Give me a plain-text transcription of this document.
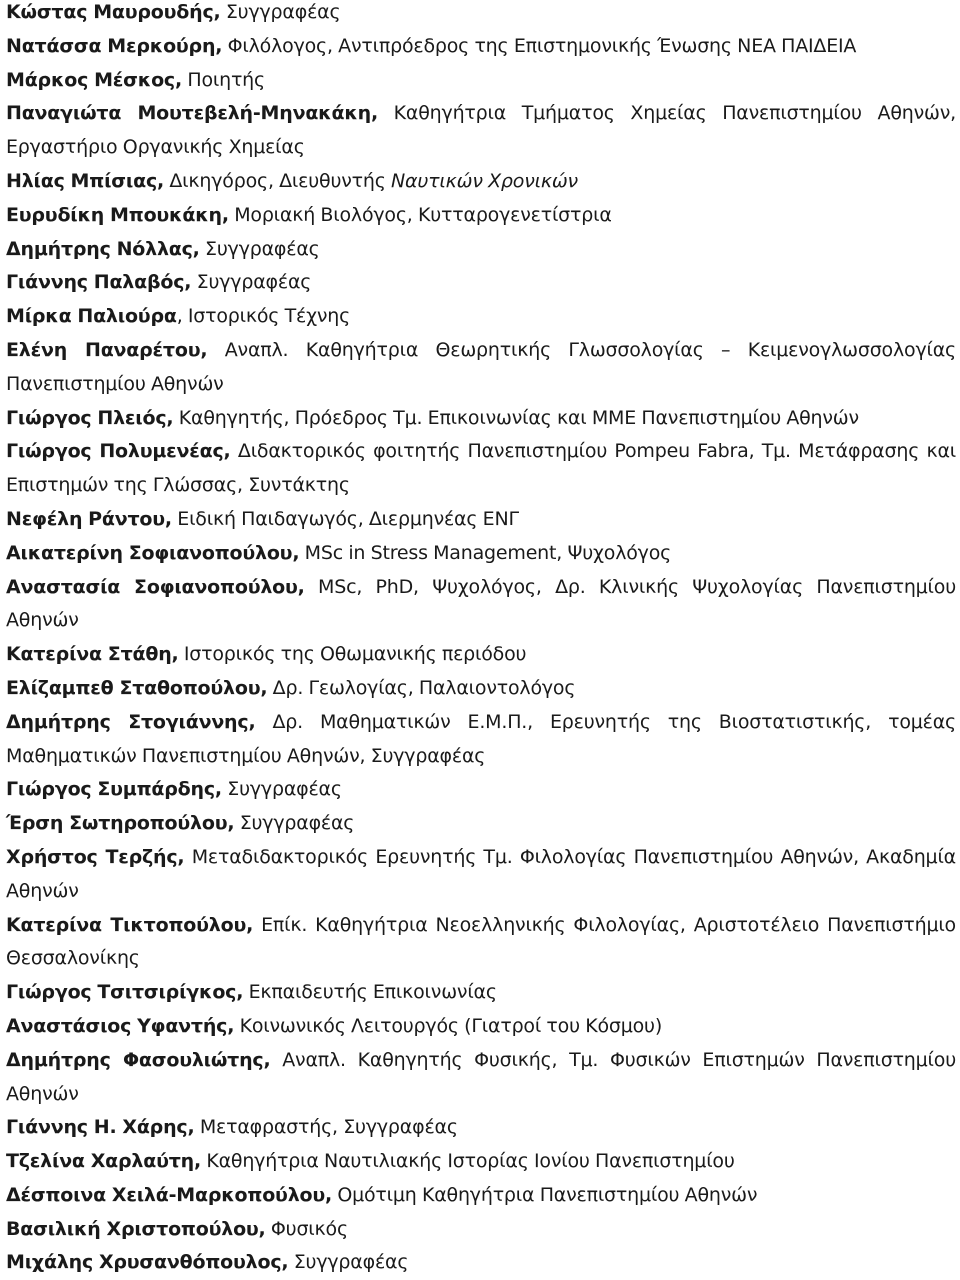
Κώστας Μαυρουδής, Συγγραφέας

Νατάσσα Μερκούρη, Φιλόλογος, Αντιπρόεδρος της Επιστημονικής Ένωσης ΝΕΑ ΠΑΙΔΕΙΑ

Μάρκος Μέσκος, Ποιητής

Παναγιώτα Μουτεβελή-Μηνακάκη, Καθηγήτρια Τμήματος Χημείας Πανεπιστημίου Αθηνών, Εργαστήριο Οργανικής Χημείας

Ηλίας Μπίσιας, Δικηγόρος, Διευθυντής Ναυτικών Χρονικών

Ευρυδίκη Μπουκάκη, Μοριακή Βιολόγος, Κυτταρογενετίστρια

Δημήτρης Νόλλας, Συγγραφέας

Γιάννης Παλαβός, Συγγραφέας

Μίρκα Παλιούρα, Ιστορικός Τέχνης

Ελένη Παναρέτου, Αναπλ. Καθηγήτρια Θεωρητικής Γλωσσολογίας – Κειμενογλωσσολογίας Πανεπιστημίου Αθηνών

Γιώργος Πλειός, Καθηγητής, Πρόεδρος Τμ. Επικοινωνίας και ΜΜΕ Πανεπιστημίου Αθηνών

Γιώργος Πολυμενέας, Διδακτορικός φοιτητής Πανεπιστημίου Pompeu Fabra, Τμ. Μετάφρασης και Επιστημών της Γλώσσας, Συντάκτης

Νεφέλη Ράντου, Ειδική Παιδαγωγός, Διερμηνέας ΕΝΓ

Αικατερίνη Σοφιανοπούλου, MSc in Stress Management, Ψυχολόγος

Αναστασία Σοφιανοπούλου, MSc, PhD, Ψυχολόγος, Δρ. Κλινικής Ψυχολογίας Πανεπιστημίου Αθηνών

Κατερίνα Στάθη, Ιστορικός της Οθωμανικής περιόδου

Ελίζαμπεθ Σταθοπούλου, Δρ. Γεωλογίας, Παλαιοντολόγος

Δημήτρης Στογιάννης, Δρ. Μαθηματικών Ε.Μ.Π., Ερευνητής της Βιοστατιστικής, τομέας Μαθηματικών Πανεπιστημίου Αθηνών, Συγγραφέας

Γιώργος Συμπάρδης, Συγγραφέας

Έρση Σωτηροπούλου, Συγγραφέας

Χρήστος Τερζής, Μεταδιδακτορικός Ερευνητής Τμ. Φιλολογίας Πανεπιστημίου Αθηνών, Ακαδημία Αθηνών

Κατερίνα Τικτοπούλου, Επίκ. Καθηγήτρια Νεοελληνικής Φιλολογίας, Αριστοτέλειο Πανεπιστήμιο Θεσσαλονίκης

Γιώργος Τσιτσιρίγκος, Εκπαιδευτής Επικοινωνίας

Αναστάσιος Υφαντής, Κοινωνικός Λειτουργός (Γιατροί του Κόσμου)

Δημήτρης Φασουλιώτης, Αναπλ. Καθηγητής Φυσικής, Τμ. Φυσικών Επιστημών Πανεπιστημίου Αθηνών

Γιάννης Η. Χάρης, Μεταφραστής, Συγγραφέας

Τζελίνα Χαρλαύτη, Καθηγήτρια Ναυτιλιακής Ιστορίας Ιονίου Πανεπιστημίου

Δέσποινα Χειλά-Μαρκοπούλου, Ομότιμη Καθηγήτρια Πανεπιστημίου Αθηνών

Βασιλική Χριστοπούλου, Φυσικός

Μιχάλης Χρυσανθόπουλος, Συγγραφέας
